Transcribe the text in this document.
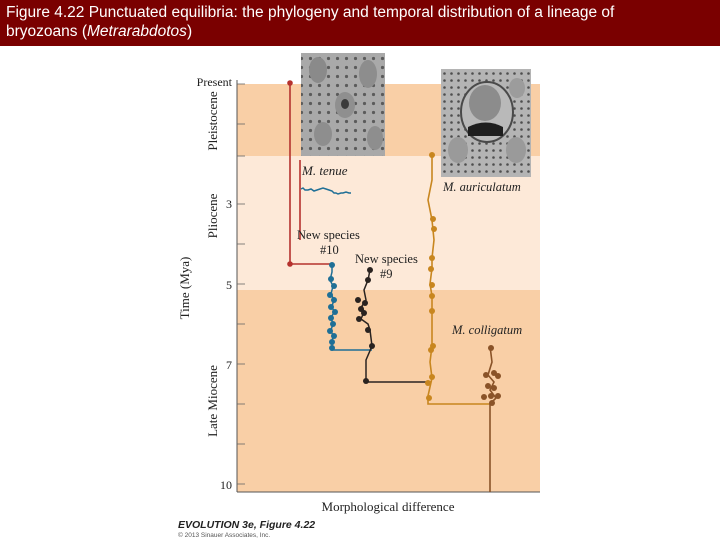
Figure 4.22 Punctuated equilibria: the phylogeny and temporal distribution of a lineage of
bryozoans (Metrarabdotos)
Present
3
5
7
10
Pleistocene
Pliocene
Late Miocene
Time (Mya)
Morphological difference
M. tenue
M. auriculatum
New species
#10
New species
#9
M. colligatum
EVOLUTION 3e, Figure 4.22
© 2013 Sinauer Associates, Inc.
